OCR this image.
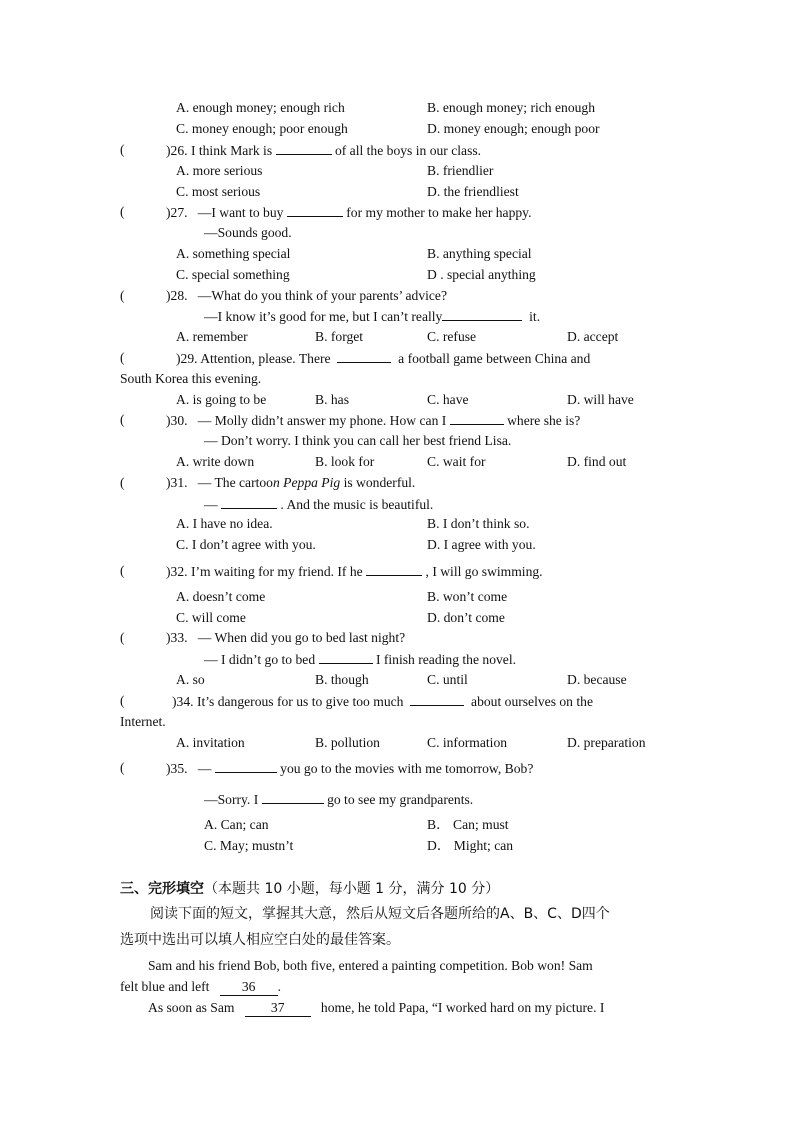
A. enough money; enough rich	B. enough money; rich enough
C. money enough; poor enough	D. money enough; enough poor
(	)26. I think Mark is	of all the boys in our class.
A. more serious	B. friendlier
C. most serious	D. the friendliest
(	)27. —I want to buy	for my mother to make her happy.
—Sounds good.
A. something special	B. anything special
C. special something	D . special anything
(	)28. —What do you think of your parents’ advice?
—I know it’s good for me, but I can’t really	it.
A. remember	B. forget	C. refuse	D. accept
(	)29. Attention, please. There	a football game between China and
South Korea this evening.
A. is going to be	B. has	C. have	D. will have
(	)30. — Molly didn’t answer my phone. How can I	where she is?
— Don’t worry. I think you can call her best friend Lisa.
A. write down	B. look for	C. wait for	D. find out
(	)31. — The cartoon Peppa Pig is wonderful.
—	. And the music is beautiful.
A. I have no idea.	B. I don’t think so.
C. I don’t agree with you.	D. I agree with you.
(	)32. I’m waiting for my friend. If he	, I will go swimming.
A. doesn’t come	B. won’t come
C. will come	D. don’t come
(	)33. — When did you go to bed last night?
— I didn’t go to bed	I finish reading the novel.
A. so	B. though	C. until	D. because
(	)34. It’s dangerous for us to give too much	about ourselves on the
Internet.
A. invitation	B. pollution	C. information	D. preparation
(	)35. —	you go to the movies with me tomorrow, Bob?
—Sorry. I	go to see my grandparents.
A. Can; can	B． Can; must
C. May; mustn’t	D． Might; can
三、完形填空（本题共 10 小题，每小题 1 分，满分 10 分）
阅读下面的短文，掌握其大意，然后从短文后各题所给的A、B、C、D四个
选项中选出可以填人相应空白处的最佳答案。
Sam and his friend Bob, both five, entered a painting competition. Bob won! Sam
felt blue and left 36 .
As soon as Sam	37	home, he told Papa, “I worked hard on my picture. I
